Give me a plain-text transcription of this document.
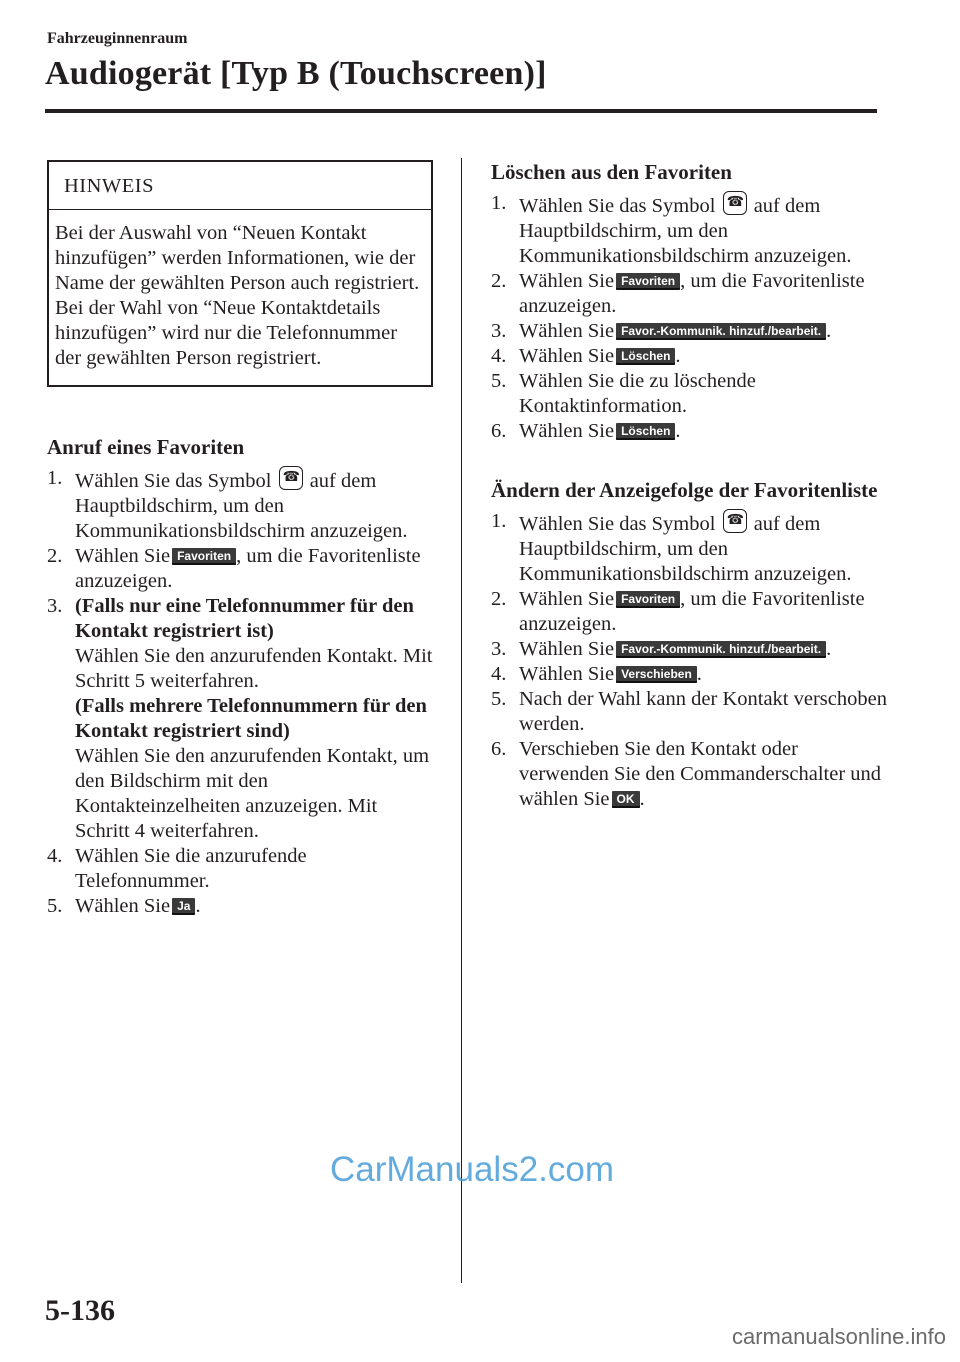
Fahrzeuginnenraum
Audiogerät [Typ B (Touchscreen)]
HINWEIS
Bei der Auswahl von “Neuen Kontakt hinzufügen” werden Informationen, wie der Name der gewählten Person auch registriert. Bei der Wahl von “Neue Kontaktdetails hinzufügen” wird nur die Telefonnummer der gewählten Person registriert.
Anruf eines Favoriten
1. Wählen Sie das Symbol ☎ auf dem Hauptbildschirm, um den Kommunikationsbildschirm anzuzeigen.
2. Wählen Sie Favoriten , um die Favoritenliste anzuzeigen.
3. (Falls nur eine Telefonnummer für den Kontakt registriert ist)
Wählen Sie den anzurufenden Kontakt. Mit Schritt 5 weiterfahren.
(Falls mehrere Telefonnummern für den Kontakt registriert sind)
Wählen Sie den anzurufenden Kontakt, um den Bildschirm mit den Kontakteinzelheiten anzuzeigen. Mit Schritt 4 weiterfahren.
4. Wählen Sie die anzurufende Telefonnummer.
5. Wählen Sie Ja .
Löschen aus den Favoriten
1. Wählen Sie das Symbol ☎ auf dem Hauptbildschirm, um den Kommunikationsbildschirm anzuzeigen.
2. Wählen Sie Favoriten , um die Favoritenliste anzuzeigen.
3. Wählen Sie Favor.-Kommunik. hinzuf./bearbeit. .
4. Wählen Sie Löschen .
5. Wählen Sie die zu löschende Kontaktinformation.
6. Wählen Sie Löschen .
Ändern der Anzeigefolge der Favoritenliste
1. Wählen Sie das Symbol ☎ auf dem Hauptbildschirm, um den Kommunikationsbildschirm anzuzeigen.
2. Wählen Sie Favoriten , um die Favoritenliste anzuzeigen.
3. Wählen Sie Favor.-Kommunik. hinzuf./bearbeit. .
4. Wählen Sie Verschieben .
5. Nach der Wahl kann der Kontakt verschoben werden.
6. Verschieben Sie den Kontakt oder verwenden Sie den Commanderschalter und wählen Sie OK .
CarManuals2.com
5-136
carmanualsonline.info
